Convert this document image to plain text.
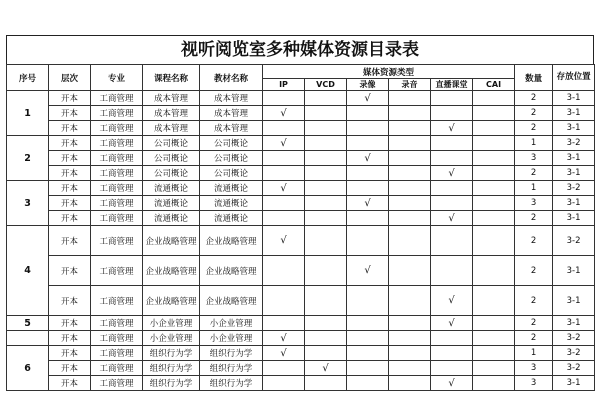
视听阅览室多种媒体资源目录表
序号	层次	专业	课程名称	教材名称	媒体资源类型						数量	存放位置
					IP	VCD	录像	录音	直播课堂	CAI		
1	开本	工商管理	成本管理	成本管理			√				2	3-1
	开本	工商管理	成本管理	成本管理	√						2	3-1
	开本	工商管理	成本管理	成本管理					√		2	3-1
2	开本	工商管理	公司概论	公司概论	√						1	3-2
	开本	工商管理	公司概论	公司概论			√				3	3-1
	开本	工商管理	公司概论	公司概论					√		2	3-1
3	开本	工商管理	流通概论	流通概论	√						1	3-2
	开本	工商管理	流通概论	流通概论			√				3	3-1
	开本	工商管理	流通概论	流通概论					√		2	3-1
4	开本	工商管理	企业战略管理	企业战略管理	√						2	3-2
	开本	工商管理	企业战略管理	企业战略管理			√				2	3-1
	开本	工商管理	企业战略管理	企业战略管理					√		2	3-1
5	开本	工商管理	小企业管理	小企业管理					√		2	3-1
	开本	工商管理	小企业管理	小企业管理	√						2	3-2
6	开本	工商管理	组织行为学	组织行为学	√						1	3-2
	开本	工商管理	组织行为学	组织行为学		√					3	3-2
	开本	工商管理	组织行为学	组织行为学					√		3	3-1
